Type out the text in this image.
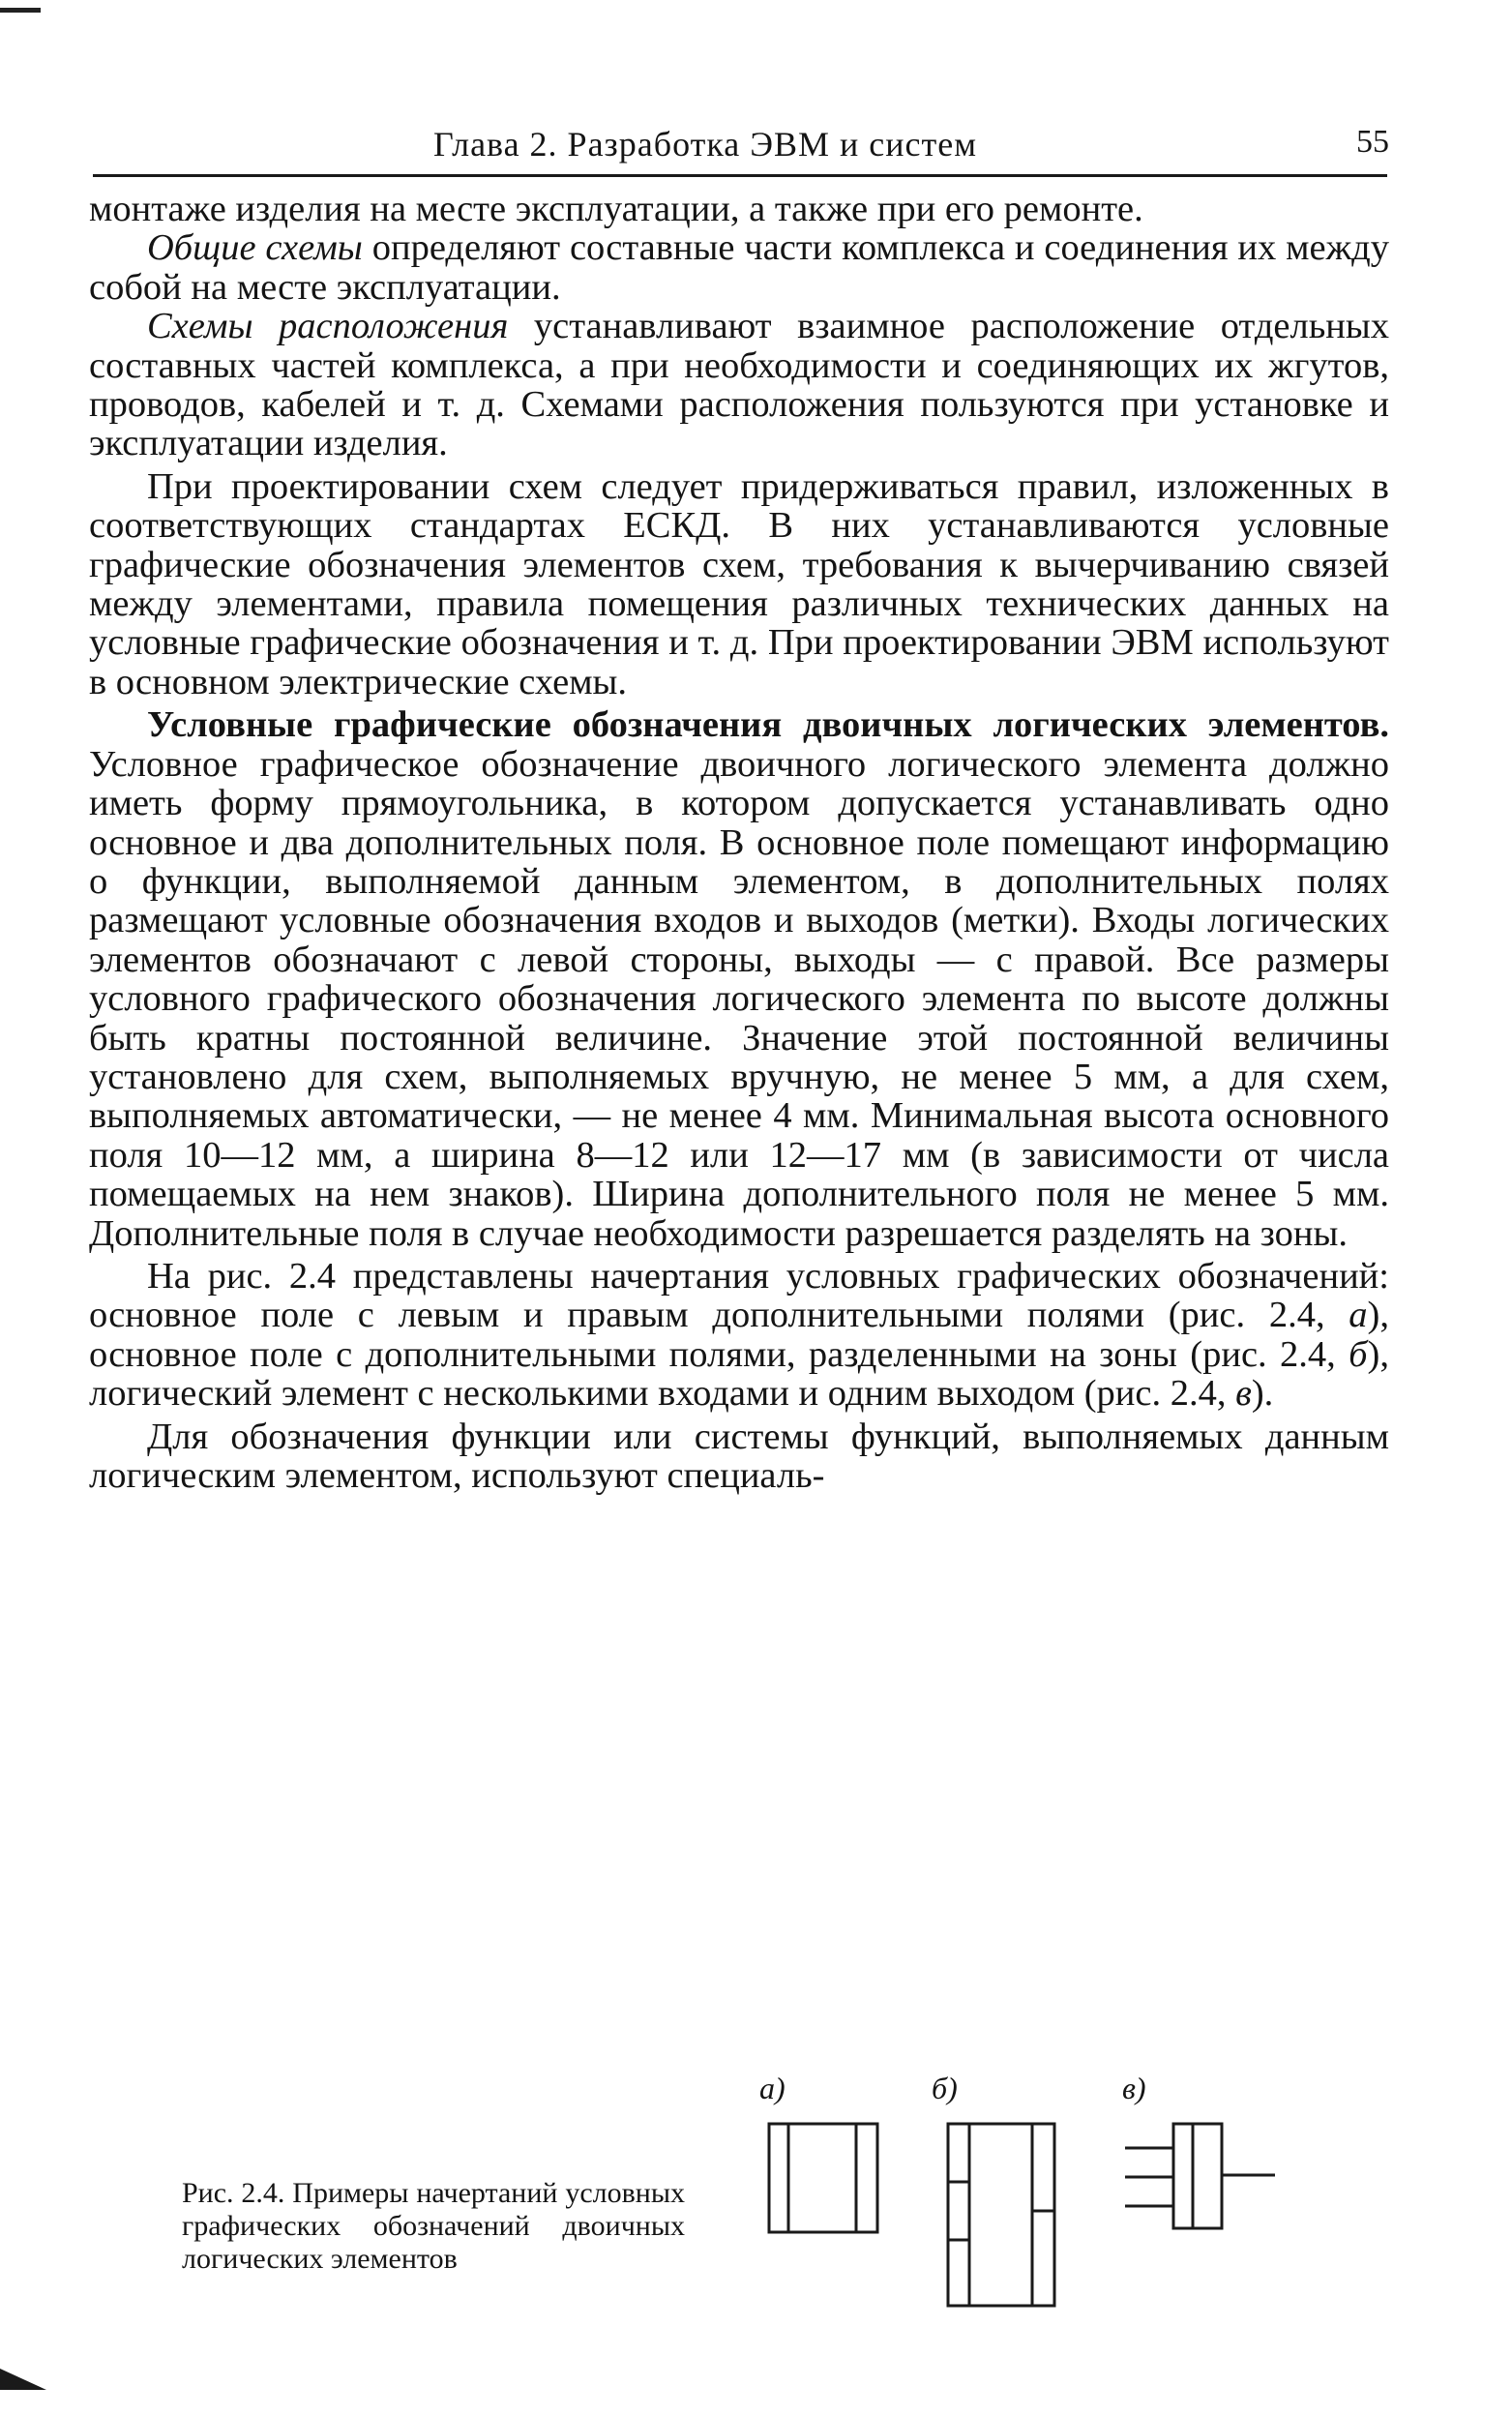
Глава 2. Разработка ЭВМ и систем	55

монтаже изделия на месте эксплуатации, а также при его ремонте.

Общие схемы определяют составные части комплекса и соединения их между собой на месте эксплуатации.

Схемы расположения устанавливают взаимное расположение отдельных составных частей комплекса, а при необходимости и соединяющих их жгутов, проводов, кабелей и т. д. Схемами расположения пользуются при установке и эксплуатации изделия.

При проектировании схем следует придерживаться правил, изложенных в соответствующих стандартах ЕСКД. В них устанавливаются условные графические обозначения элементов схем, требования к вычерчиванию связей между элементами, правила помещения различных технических данных на условные графические обозначения и т. д. При проектировании ЭВМ используют в основном электрические схемы.

Условные графические обозначения двоичных логических элементов. Условное графическое обозначение двоичного логического элемента должно иметь форму прямоугольника, в котором допускается устанавливать одно основное и два дополнительных поля. В основное поле помещают информацию о функции, выполняемой данным элементом, в дополнительных полях размещают условные обозначения входов и выходов (метки). Входы логических элементов обозначают с левой стороны, выходы — с правой. Все размеры условного графического обозначения логического элемента по высоте должны быть кратны постоянной величине. Значение этой постоянной величины установлено для схем, выполняемых вручную, не менее 5 мм, а для схем, выполняемых автоматически, — не менее 4 мм. Минимальная высота основного поля 10—12 мм, а ширина 8—12 или 12—17 мм (в зависимости от числа помещаемых на нем знаков). Ширина дополнительного поля не менее 5 мм. Дополнительные поля в случае необходимости разрешается разделять на зоны.

На рис. 2.4 представлены начертания условных графических обозначений: основное поле с левым и правым дополнительными полями (рис. 2.4, а), основное поле с дополнительными полями, разделенными на зоны (рис. 2.4, б), логический элемент с несколькими входами и одним выходом (рис. 2.4, в).

Для обозначения функции или системы функций, выполняемых данным логическим элементом, используют специаль-

Рис. 2.4. Примеры начертаний условных графических обозначений двоичных логических элементов
а)	б)	в)
